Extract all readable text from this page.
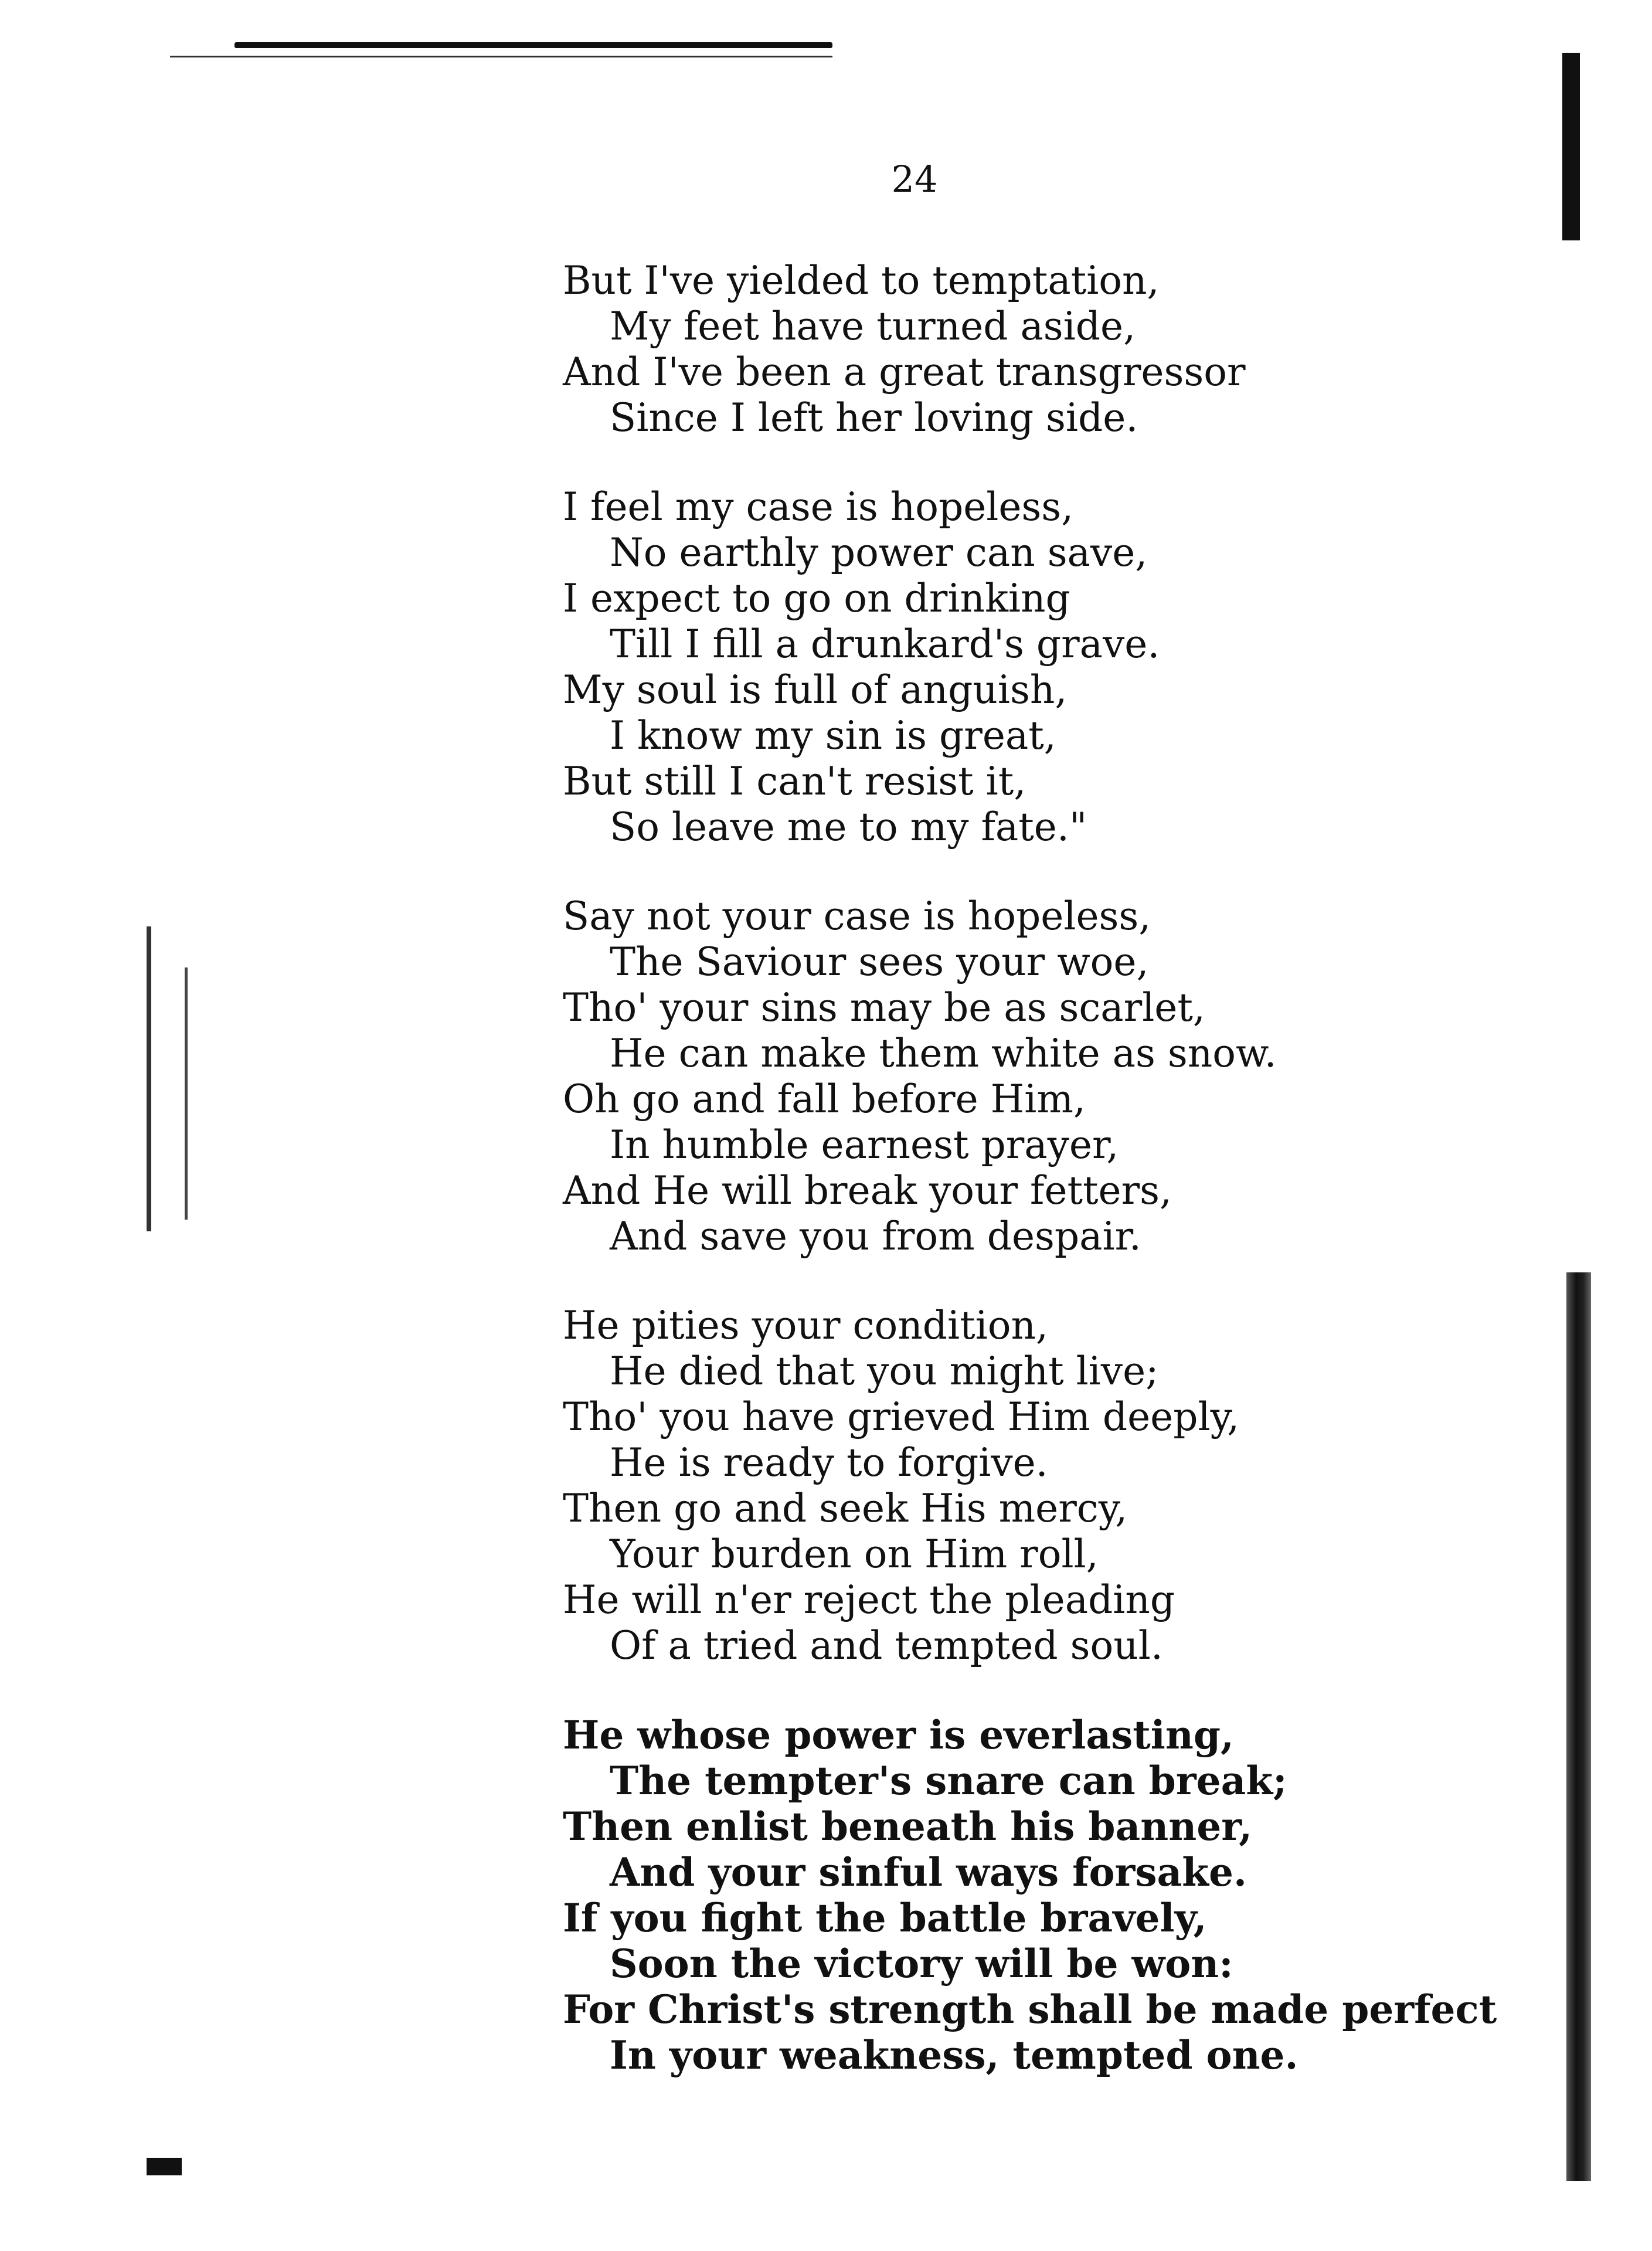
24
But I've yielded to temptation,
My feet have turned aside,
And I've been a great transgressor
Since I left her loving side.
I feel my case is hopeless,
No earthly power can save,
I expect to go on drinking
Till I fill a drunkard's grave.
My soul is full of anguish,
I know my sin is great,
But still I can't resist it,
So leave me to my fate."
Say not your case is hopeless,
The Saviour sees your woe,
Tho' your sins may be as scarlet,
He can make them white as snow.
Oh go and fall before Him,
In humble earnest prayer,
And He will break your fetters,
And save you from despair.
He pities your condition,
He died that you might live;
Tho' you have grieved Him deeply,
He is ready to forgive.
Then go and seek His mercy,
Your burden on Him roll,
He will n'er reject the pleading
Of a tried and tempted soul.
He whose power is everlasting,
The tempter's snare can break;
Then enlist beneath his banner,
And your sinful ways forsake.
If you fight the battle bravely,
Soon the victory will be won:
For Christ's strength shall be made perfect
In your weakness, tempted one.
